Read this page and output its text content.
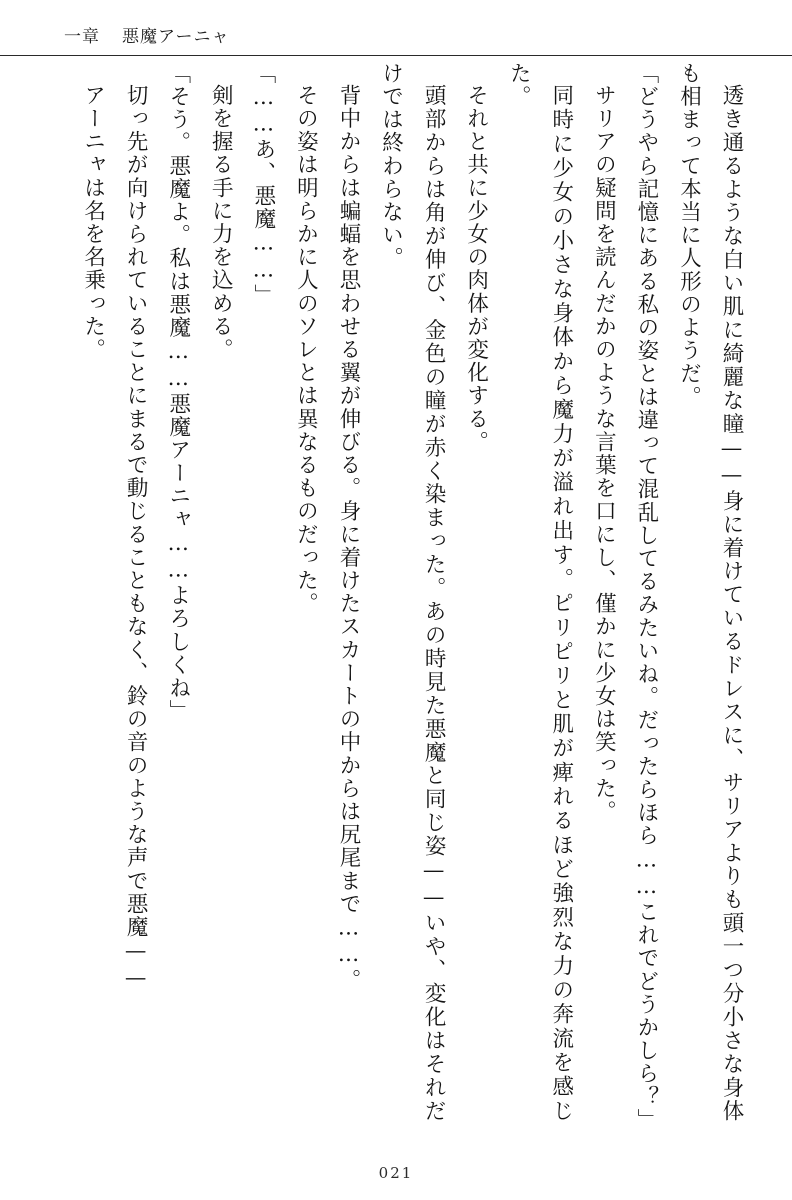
一章 悪魔アーニャ

透き通るような白い肌に綺麗な瞳——身に着けているドレスに、サリアよりも頭一つ分小さな身体も相まって本当に人形のようだ。

「どうやら記憶にある私の姿とは違って混乱してるみたいね。だったらほら……これでどうかしら？」

サリアの疑問を読んだかのような言葉を口にし、僅かに少女は笑った。

同時に少女の小さな身体から魔力が溢れ出す。ピリピリと肌が痺れるほど強烈な力の奔流を感じた。

それと共に少女の肉体が変化する。

頭部からは角が伸び、金色の瞳が赤く染まった。あの時見た悪魔と同じ姿——いや、変化はそれだけでは終わらない。

背中からは蝙蝠を思わせる翼が伸びる。身に着けたスカートの中からは尻尾まで……。

その姿は明らかに人のソレとは異なるものだった。

「……あ、悪魔……」

剣を握る手に力を込める。

「そう。悪魔よ。私は悪魔……悪魔アーニャ……よろしくね」

切っ先が向けられていることにまるで動じることもなく、鈴の音のような声で悪魔——

アーニャは名を名乗った。

021
